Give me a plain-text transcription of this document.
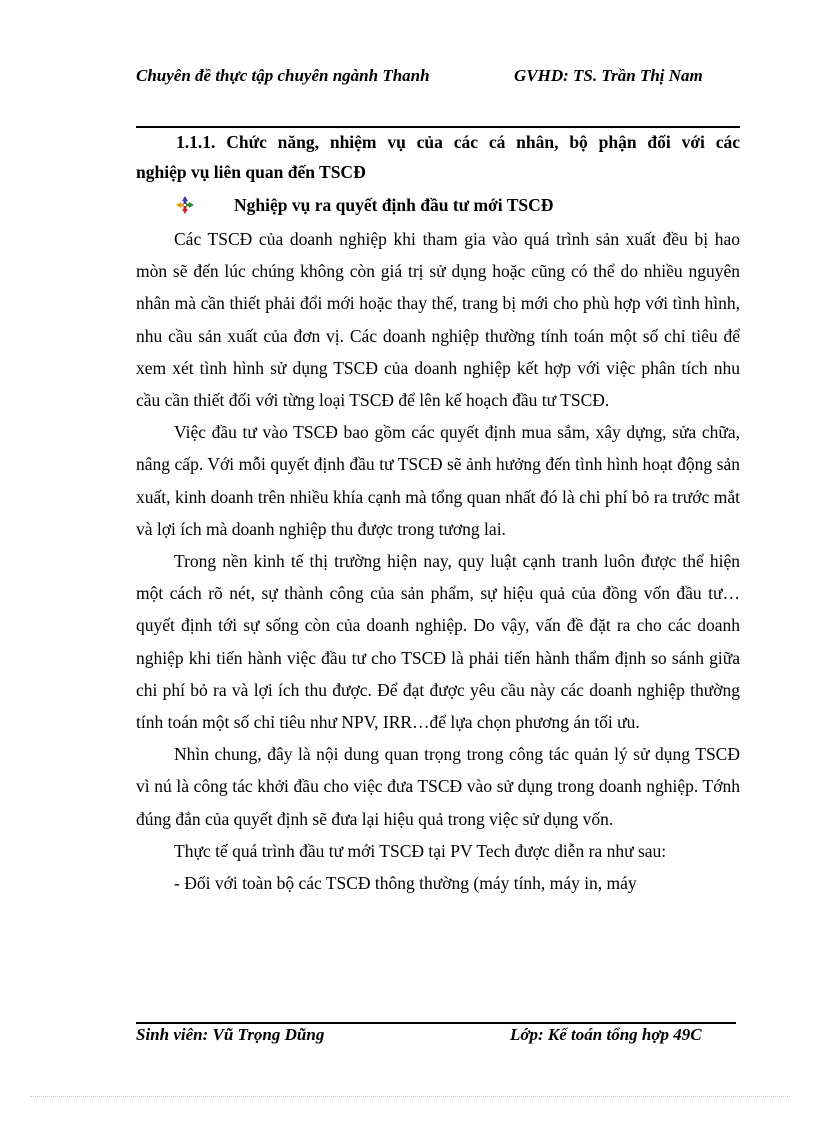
Chuyên đề thực tập chuyên ngành Thanh	GVHD: TS. Trần Thị Nam
1.1.1. Chức năng, nhiệm vụ của các cá nhân, bộ phận đối với các
nghiệp vụ liên quan đến TSCĐ
Nghiệp vụ ra quyết định đầu tư mới TSCĐ

Các TSCĐ của doanh nghiệp khi tham gia vào quá trình sản xuất đều bị hao mòn sẽ đến lúc chúng không còn giá trị sử dụng hoặc cũng có thể do nhiều nguyên nhân mà cần thiết phải đổi mới hoặc thay thế, trang bị mới cho phù hợp với tình hình, nhu cầu sản xuất của đơn vị. Các doanh nghiệp thường tính toán một số chỉ tiêu để xem xét tình hình sử dụng TSCĐ của doanh nghiệp kết hợp với việc phân tích nhu cầu cần thiết đối với từng loại TSCĐ để lên kế hoạch đầu tư TSCĐ.

Việc đầu tư vào TSCĐ bao gồm các quyết định mua sắm, xây dựng, sửa chữa, nâng cấp. Với mỗi quyết định đầu tư TSCĐ sẽ ảnh hưởng đến tình hình hoạt động sản xuất, kinh doanh trên nhiều khía cạnh mà tổng quan nhất đó là chi phí bỏ ra trước mắt và lợi ích mà doanh nghiệp thu được trong tương lai.

Trong nền kinh tế thị trường hiện nay, quy luật cạnh tranh luôn được thể hiện một cách rõ nét, sự thành công của sản phẩm, sự hiệu quả của đồng vốn đầu tư… quyết định tới sự sống còn của doanh nghiệp. Do vậy, vấn đề đặt ra cho các doanh nghiệp khi tiến hành việc đầu tư cho TSCĐ là phải tiến hành thẩm định so sánh giữa chi phí bỏ ra và lợi ích thu được. Để đạt được yêu cầu này các doanh nghiệp thường tính toán một số chỉ tiêu như NPV, IRR…để lựa chọn phương án tối ưu.

Nhìn chung, đây là nội dung quan trọng trong công tác quản lý sử dụng TSCĐ vì nú là công tác khởi đầu cho việc đưa TSCĐ vào sử dụng trong doanh nghiệp. Tớnh đúng đắn của quyết định sẽ đưa lại hiệu quả trong việc sử dụng vốn.

Thực tế quá trình đầu tư mới TSCĐ tại PV Tech được diễn ra như sau:

- Đối với toàn bộ các TSCĐ thông thường (máy tính, máy in, máy

Sinh viên: Vũ Trọng Dũng	Lớp: Kế toán tổng hợp 49C
